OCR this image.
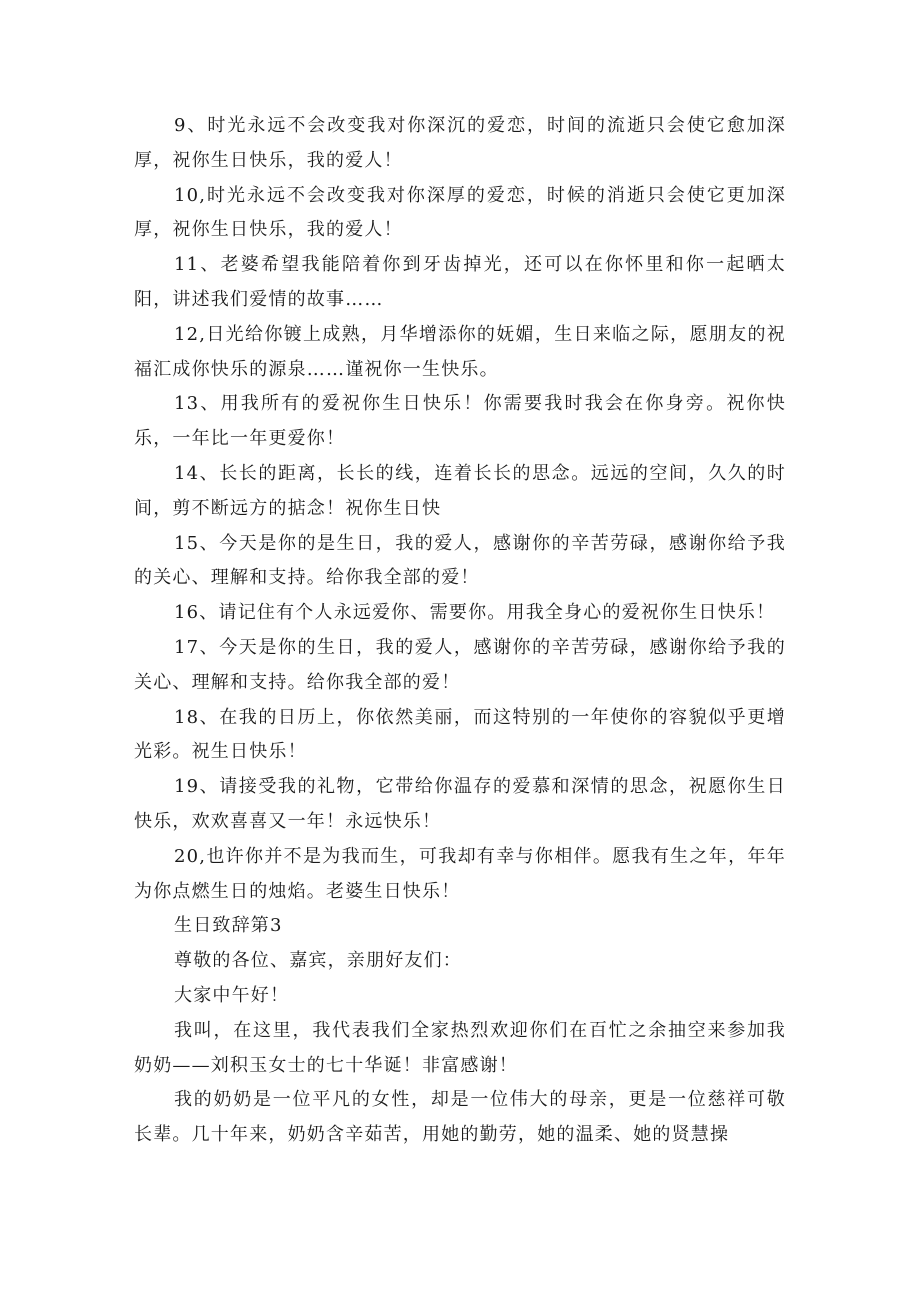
9、时光永远不会改变我对你深沉的爱恋，时间的流逝只会使它愈加深厚，祝你生日快乐，我的爱人！

10,时光永远不会改变我对你深厚的爱恋，时候的消逝只会使它更加深厚，祝你生日快乐，我的爱人！

11、老婆希望我能陪着你到牙齿掉光，还可以在你怀里和你一起晒太阳，讲述我们爱情的故事……

12,日光给你镀上成熟，月华增添你的妩媚，生日来临之际，愿朋友的祝福汇成你快乐的源泉……谨祝你一生快乐。

13、用我所有的爱祝你生日快乐！你需要我时我会在你身旁。祝你快乐，一年比一年更爱你！

14、长长的距离，长长的线，连着长长的思念。远远的空间，久久的时间，剪不断远方的掂念！祝你生日快

15、今天是你的是生日，我的爱人，感谢你的辛苦劳碌，感谢你给予我的关心、理解和支持。给你我全部的爱！

16、请记住有个人永远爱你、需要你。用我全身心的爱祝你生日快乐！

17、今天是你的生日，我的爱人，感谢你的辛苦劳碌，感谢你给予我的关心、理解和支持。给你我全部的爱！

18、在我的日历上，你依然美丽，而这特别的一年使你的容貌似乎更增光彩。祝生日快乐！

19、请接受我的礼物，它带给你温存的爱慕和深情的思念，祝愿你生日快乐，欢欢喜喜又一年！永远快乐！

20,也许你并不是为我而生，可我却有幸与你相伴。愿我有生之年，年年为你点燃生日的烛焰。老婆生日快乐！

生日致辞第3

尊敬的各位、嘉宾，亲朋好友们：

大家中午好！

我叫，在这里，我代表我们全家热烈欢迎你们在百忙之余抽空来参加我奶奶——刘积玉女士的七十华诞！非富感谢！

我的奶奶是一位平凡的女性，却是一位伟大的母亲，更是一位慈祥可敬长辈。几十年来，奶奶含辛茹苦，用她的勤劳，她的温柔、她的贤慧操
